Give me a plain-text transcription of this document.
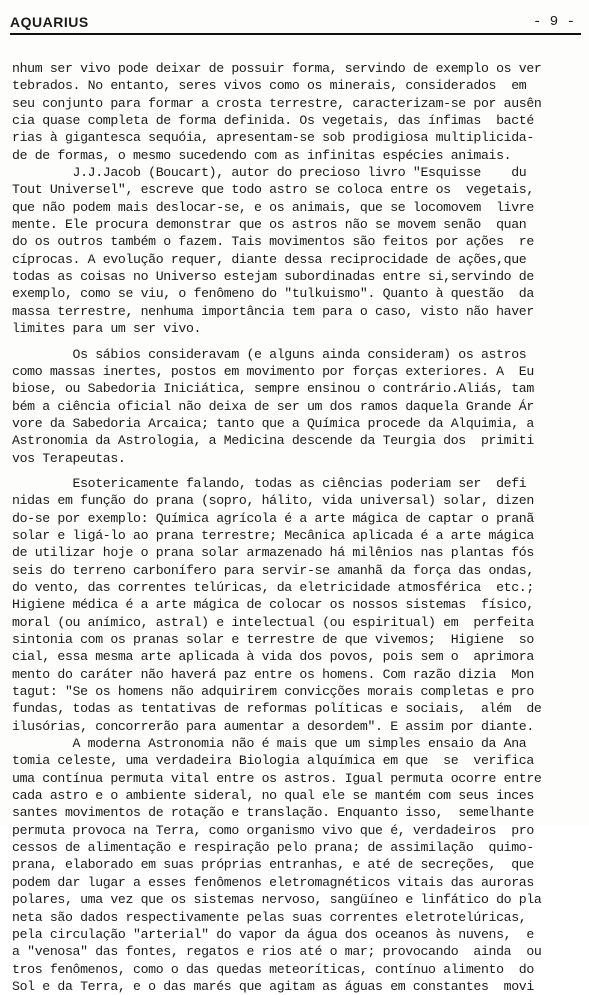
AQUARIUS	- 9 -
nhum ser vivo pode deixar de possuir forma, servindo de exemplo os ver
tebrados. No entanto, seres vivos como os minerais, considerados  em
seu conjunto para formar a crosta terrestre, caracterizam-se por ausên
cia quase completa de forma definida. Os vegetais, das ínfimas  bacté
rias à gigantesca sequóia, apresentam-se sob prodigiosa multiplicida-
de de formas, o mesmo sucedendo com as infinitas espécies animais.
J.J.Jacob (Boucart), autor do precioso livro "Esquisse    du
Tout Universel", escreve que todo astro se coloca entre os  vegetais,
que não podem mais deslocar-se, e os animais, que se locomovem  livre
mente. Ele procura demonstrar que os astros não se movem senão  quan
do os outros também o fazem. Tais movimentos são feitos por ações  re
cíprocas. A evolução requer, diante dessa reciprocidade de ações,que
todas as coisas no Universo estejam subordinadas entre si,servindo de
exemplo, como se viu, o fenômeno do "tulkuismo". Quanto à questão  da
massa terrestre, nenhuma importância tem para o caso, visto não haver
limites para um ser vivo.
Os sábios consideravam (e alguns ainda consideram) os astros
como massas inertes, postos em movimento por forças exteriores. A  Eu
biose, ou Sabedoria Iniciática, sempre ensinou o contrário.Aliás, tam
bém a ciência oficial não deixa de ser um dos ramos daquela Grande Ár
vore da Sabedoria Arcaica; tanto que a Química procede da Alquimia, a
Astronomia da Astrologia, a Medicina descende da Teurgia dos  primiti
vos Terapeutas.
Esotericamente falando, todas as ciências poderiam ser  defi
nidas em função do prana (sopro, hálito, vida universal) solar, dizen
do-se por exemplo: Química agrícola é a arte mágica de captar o pranã
solar e ligá-lo ao prana terrestre; Mecânica aplicada é a arte mágica
de utilizar hoje o prana solar armazenado há milênios nas plantas fós
seis do terreno carbonífero para servir-se amanhã da força das ondas,
do vento, das correntes telúricas, da eletricidade atmosférica  etc.;
Higiene médica é a arte mágica de colocar os nossos sistemas  físico,
moral (ou anímico, astral) e intelectual (ou espiritual) em  perfeita
sintonia com os pranas solar e terrestre de que vivemos;  Higiene  so
cial, essa mesma arte aplicada à vida dos povos, pois sem o  aprimora
mento do caráter não haverá paz entre os homens. Com razão dizia  Mon
tagut: "Se os homens não adquirirem convicções morais completas e pro
fundas, todas as tentativas de reformas políticas e sociais,  além  de
ilusórias, concorrerão para aumentar a desordem". E assim por diante.
A moderna Astronomia não é mais que um simples ensaio da Ana
tomia celeste, uma verdadeira Biologia alquímica em que  se  verifica
uma contínua permuta vital entre os astros. Igual permuta ocorre entre
cada astro e o ambiente sideral, no qual ele se mantém com seus inces
santes movimentos de rotação e translação. Enquanto isso,  semelhante
permuta provoca na Terra, como organismo vivo que é, verdadeiros  pro
cessos de alimentação e respiração pelo prana; de assimilação  quimo-
prana, elaborado em suas próprias entranhas, e até de secreções,  que
podem dar lugar a esses fenômenos eletromagnéticos vitais das auroras
polares, uma vez que os sistemas nervoso, sangüíneo e linfático do pla
neta são dados respectivamente pelas suas correntes eletrotelúricas,
pela circulação "arterial" do vapor da água dos oceanos às nuvens,  e
a "venosa" das fontes, regatos e rios até o mar; provocando  ainda  ou
tros fenômenos, como o das quedas meteoríticas, contínuo alimento  do
Sol e da Terra, e o das marés que agitam as águas em constantes  movi
